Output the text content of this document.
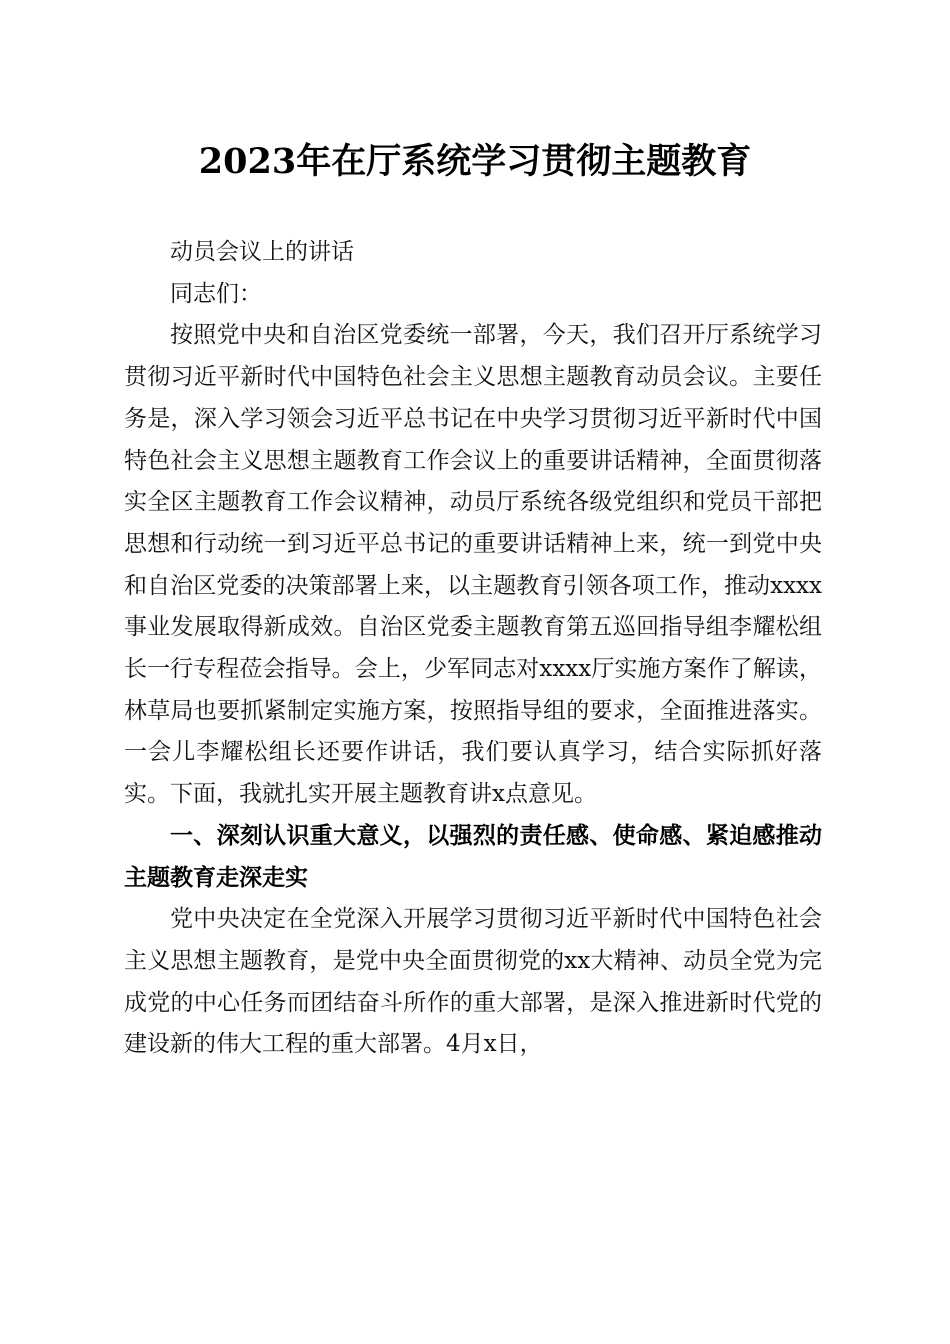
2023年在厅系统学习贯彻主题教育

动员会议上的讲话

同志们：

按照党中央和自治区党委统一部署，今天，我们召开厅系统学习贯彻习近平新时代中国特色社会主义思想主题教育动员会议。主要任务是，深入学习领会习近平总书记在中央学习贯彻习近平新时代中国特色社会主义思想主题教育工作会议上的重要讲话精神，全面贯彻落实全区主题教育工作会议精神，动员厅系统各级党组织和党员干部把思想和行动统一到习近平总书记的重要讲话精神上来，统一到党中央和自治区党委的决策部署上来，以主题教育引领各项工作，推动xxxx事业发展取得新成效。自治区党委主题教育第五巡回指导组李耀松组长一行专程莅会指导。会上，少军同志对xxxx厅实施方案作了解读，林草局也要抓紧制定实施方案，按照指导组的要求，全面推进落实。一会儿李耀松组长还要作讲话，我们要认真学习，结合实际抓好落实。下面，我就扎实开展主题教育讲x点意见。

一、深刻认识重大意义，以强烈的责任感、使命感、紧迫感推动主题教育走深走实

党中央决定在全党深入开展学习贯彻习近平新时代中国特色社会主义思想主题教育，是党中央全面贯彻党的xx大精神、动员全党为完成党的中心任务而团结奋斗所作的重大部署，是深入推进新时代党的建设新的伟大工程的重大部署。4月x日，
